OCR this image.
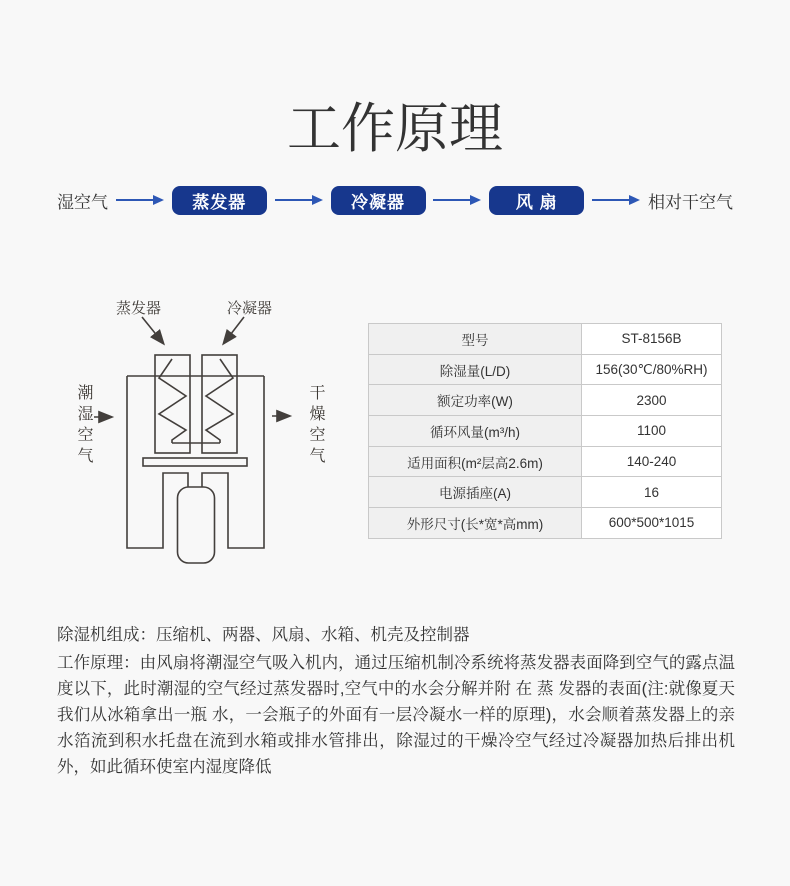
工作原理
湿空气	蒸发器	冷凝器	风 扇	相对干空气
蒸发器	冷凝器
潮湿空气	干燥空气
型号	ST-8156B
除湿量(L/D)	156(30℃/80%RH)
额定功率(W)	2300
循环风量(m³/h)	1100
适用面积(m²层高2.6m)	140-240
电源插座(A)	16
外形尺寸(长*宽*高mm)	600*500*1015
除湿机组成：压缩机、两器、风扇、水箱、机壳及控制器
工作原理：由风扇将潮湿空气吸入机内，通过压缩机制冷系统将蒸发器表面降到空气的露点温度以下，此时潮湿的空气经过蒸发器时,空气中的水会分解并附 在 蒸 发器的表面(注:就像夏天我们从冰箱拿出一瓶 水，一会瓶子的外面有一层冷凝水一样的原理)，水会顺着蒸发器上的亲水箔流到积水托盘在流到水箱或排水管排出，除湿过的干燥冷空气经过冷凝器加热后排出机外，如此循环使室内湿度降低
